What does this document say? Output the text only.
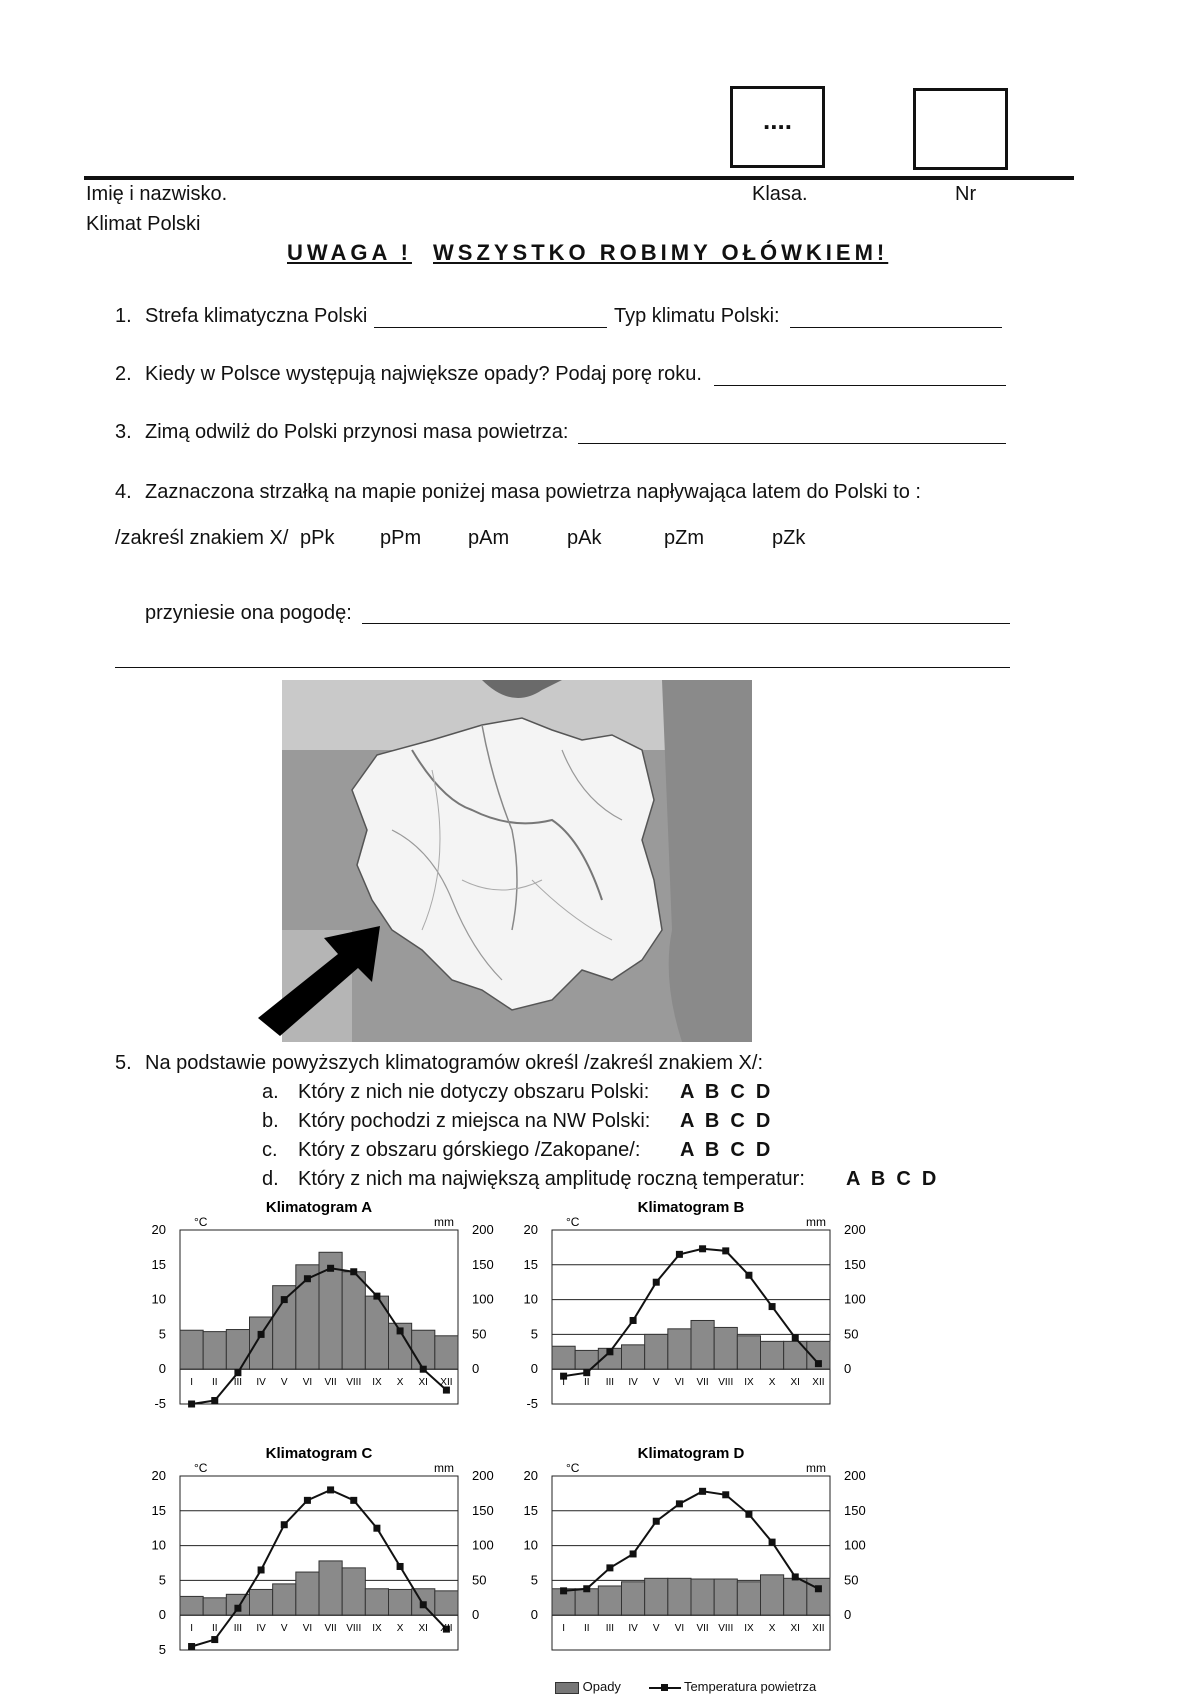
....
Imię i nazwisko.	Klasa.	Nr
Klimat Polski
UWAGA ! WSZYSTKO ROBIMY OŁÓWKIEM!
1. Strefa klimatyczna Polski	Typ klimatu Polski:
2. Kiedy w Polsce występują największe opady? Podaj porę roku.
3. Zimą odwilż do Polski przynosi masa powietrza:
4. Zaznaczona strzałką na mapie poniżej masa powietrza napływająca latem do Polski to :
/zakreśl znakiem X/ pPk pPm pAm	pAk	pZm	pZk
przyniesie ona pogodę:
5. Na podstawie powyższych klimatogramów określ /zakreśl znakiem X/:
a. Który z nich nie dotyczy obszaru Polski: A  B  C  D
b. Który pochodzi z miejsca na NW Polski: A  B  C  D
c. Który z obszaru górskiego /Zakopane/: A  B  C  D
d. Który z nich ma największą amplitudę roczną temperatur: A  B  C  D
Klimatogram A
20
15
10
5
0
-5
200
150
100
50
0
°C	mm
I II III IV V VI VII VIII IX X XI XII
Klimatogram B
20
15
10
5
0
-5
200
150
100
50
0
°C	mm
I II III IV V VI VII VIII IX X XI XII
Klimatogram C
20
15
10
5
0
5
200
150
100
50
0
°C	mm
I II III IV V VI VII VIII IX X XI XII
Klimatogram D
20
15
10
5
0
200
150
100
50
0
°C	mm
I II III IV V VI VII VIII IX X XI XII
Opady	Temperatura powietrza
